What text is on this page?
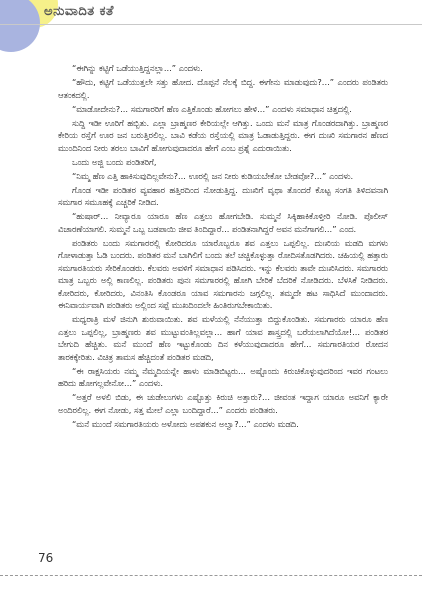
ಅನುವಾದಿತ ಕತೆ

“ಈಗಿನ್ನು ಕಟ್ಟಿಗೆ ಒಡೆಯುತ್ತಿದ್ದನಲ್ಲಾ...” ಎಂದಳು.

“ಹೌದು, ಕಟ್ಟಿಗೆ ಒಡೆಯುತ್ತಲೇ ಸತ್ತು ಹೋದ. ದೊಪ್ಪನೆ ನೆಲಕ್ಕೆ ಬಿದ್ದ. ಈಗೇನು ಮಾಡುವುದು?...” ಎಂದರು ಪಂಡಿತರು ಆತಂಕದಲ್ಲಿ.

“ಮಾಡೋದೇನು?... ಸಮಗಾರರಿಗೆ ಹೆಣ ಎತ್ತಿಕೊಂಡು ಹೋಗಲು ಹೇಳಿ...” ಎಂದಳು ಸಮಾಧಾನ ಚಿತ್ತದಲ್ಲಿ.

ಸುದ್ದಿ ಇಡೀ ಊರಿಗೆ ಹಬ್ಬಿತು. ಎಲ್ಲಾ ಬ್ರಾಹ್ಮಣರ ಕೇರಿಯಲ್ಲೇ ಆಗಿತ್ತು. ಒಂದು ಮನೆ ಮಾತ್ರ ಗೊಂಡರದಾಗಿತ್ತು. ಬ್ರಾಹ್ಮಣರ ಕೇರಿಯ ರಸ್ತೆಗೆ ಊರ ಜನ ಬರುತ್ತಿರಲಿಲ್ಲ. ಬಾವಿ ಕಡೆಯ ರಸ್ತೆಯಲ್ಲಿ ಮಾತ್ರ ಓಡಾಡುತ್ತಿದ್ದರು. ಈಗ ದುಃಖಿ ಸಮಗಾರನ ಹೆಣದ ಮುಂದಿನಿಂದ ನೀರು ತರಲು ಬಾವಿಗೆ ಹೋಗುವುದಾದರೂ ಹೇಗೆ ಎಂಬ ಪ್ರಶ್ನೆ ಎದುರಾಯಿತು.

ಒಂದು ಅಜ್ಜಿ ಬಂದು ಪಂಡಿತರಿಗೆ,

“ನಿಮ್ಮ ಹೆಣ ಎತ್ತಿ ಹಾಕಿಸುವುದಿಲ್ಲವೇನು?... ಊರಲ್ಲಿ ಜನ ನೀರು ಕುಡಿಯಬೇಕೋ ಬೇಡವೋ?...” ಎಂದಳು.

ಗೊಂಡ ಇಡೀ ಪಂಡಿತರ ವ್ಯವಹಾರ ಹತ್ತಿರದಿಂದ ನೋಡುತ್ತಿದ್ದ. ದುಃಖಿಗೆ ವೃಥಾ ತೊಂದರೆ ಕೊಟ್ಟ ಸಂಗತಿ ತಿಳಿದವನಾಗಿ ಸಮಗಾರ ಸಮೂಹಕ್ಕೆ ಎಚ್ಚರಿಕೆ ನೀಡಿದ.

“ಹುಷಾರ್... ನೀವ್ಯಾರೂ ಯಾರೂ ಹೆಣ ಎತ್ತಲು ಹೋಗಬೇಡಿ. ಸುಮ್ಮನೆ ಸಿಕ್ಕಿಹಾಕಿಕೊಳ್ತೀರಿ ನೋಡಿ. ಪೊಲೀಸ್ ವಿಚಾರಣೆಯಾಗಲಿ. ಸುಮ್ಮನೆ ಒಬ್ಬ ಬಡಪಾಯಿ ಜೀವ ತಿಂದಿದ್ದಾರೆ... ಪಂಡಿತನಾಗಿದ್ದರೆ ಅವನ ಮನೆಗಾಗಲಿ...” ಎಂದ.

ಪಂಡಿತರು ಬಂದು ಸಮಗಾರರಲ್ಲಿ ಕೋರಿದರೂ ಯಾರೊಬ್ಬರೂ ಶವ ಎತ್ತಲು ಒಪ್ಪಲಿಲ್ಲ. ದುಃಖಿಯ ಮಡದಿ ಮಗಳು ಗೋಳಾಡುತ್ತಾ ಓಡಿ ಬಂದರು. ಪಂಡಿತರ ಮನೆ ಬಾಗಿಲಿಗೆ ಬಂದು ತಲೆ ಚಚ್ಚಿಕೊಳ್ಳುತ್ತಾ ರೋದಿಸತೊಡಗಿದರು. ಚಹಿಯಲ್ಲಿ ಹತ್ತಾರು ಸಮಗಾರತಿಯರು ಸೇರಿಕೊಂಡರು. ಕೆಲವರು ಅವಳಿಗೆ ಸಮಾಧಾನ ಪಡಿಸಿದರು. ಇನ್ನು ಕೆಲವರು ತಾವೇ ದುಃಖಿಸಿದರು. ಸಮಗಾರರು ಮಾತ್ರ ಒಬ್ಬರು ಅಲ್ಲಿ ಕಾಣಲಿಲ್ಲ. ಪಂಡಿತರು ಪುನಃ ಸಮಗಾರರಲ್ಲಿ ಹೋಗಿ ಬೇರಿಕೆ ಬೆದರಿಕೆ ನೋಡಿದರು. ಬೆಳಸಿಕೆ ನೀಡಿದರು. ಕೋರಿದರು, ಕೋರಿದರು, ವಿನಂತಿಸಿ ಕೊಂಡರೂ ಯಾವ ಸಮಗಾರನು ಜಗ್ಗಲಿಲ್ಲ. ತಮ್ಮದೇ ಹಟ ಸಾಧಿಸಿದೆ ಮುಂದಾದರು. ಈನಿವಾರ್ಯವಾಗಿ ಪಂಡಿತರು ಅಲ್ಲಿಂದ ಸಪ್ಪೆ ಮುಖದಿಂದಲೇ ಹಿಂತಿರುಗಬೇಕಾಯಿತು.

ಮಧ್ಯರಾತ್ರಿ ಮಳೆ ಜಿನುಗಿ ಶುರುವಾಯಿತು. ಶವ ಮಳೆಯಲ್ಲಿ ನೆನೆಯುತ್ತಾ ಬಿದ್ದುಕೊಂಡಿತು. ಸಮಗಾರರು ಯಾರೂ ಹೆಣ ಎತ್ತಲು ಒಪ್ಪಲಿಲ್ಲ, ಬ್ರಾಹ್ಮಣರು ಶವ ಮುಟ್ಟುವಂತಿಲ್ಲವಲ್ಲಾ... ಹಾಗೆ ಯಾವ ಶಾಸ್ತ್ರದಲ್ಲಿ ಬರೆಯಲಾಗಿದೆಯೋ!... ಪಂಡಿತರ ಬೇಗುದಿ ಹೆಚ್ಚಿತು. ಮನೆ ಮುಂದೆ ಹೆಣ ಇಟ್ಟುಕೊಂಡು ದಿನ ಕಳೆಯುವುದಾದರೂ ಹೇಗೆ... ಸಮಗಾರತಿಯರ ರೋದನ ತಾರಕಕ್ಕೇರಿತು. ವಿಚಿತ್ರ ತಾಮಸ ಹೆಚ್ಚಿದಂತೆ ಪಂಡಿತರ ಮಡದಿ,

“ಈ ರಾಕ್ಷಸಿಯರು ನಮ್ಮ ನೆಮ್ಮದಿಯನ್ನೇ ಹಾಳು ಮಾಡಿಬಿಟ್ಟರು... ಅಷ್ಟೊಂದು ಕಿರುಚಿಕೊಳ್ಳುವುದರಿಂದ ಇವರ ಗಂಟಲು ಹರಿದು ಹೋಗಲ್ಲವೇನೋ...” ಎಂದಳು.

“ಅತ್ತರೆ ಅಳಲಿ ಬಿಡು, ಈ ಚುಡೇಲುಗಳು ಎಷ್ಟೊತ್ತು ಕಿರುಚಿ ಅತ್ತಾರು?... ಜೀವಂತ ಇದ್ದಾಗ ಯಾರೂ ಅವನಿಗೆ ಕ್ಯಾರೇ ಅಂದಿರಲಿಲ್ಲ. ಈಗ ನೋಡು, ಸತ್ತ ಮೇಲೆ ಎಲ್ಲಾ ಬಂದಿದ್ದಾರೆ...” ಎಂದರು ಪಂಡಿತರು.

“ಮನೆ ಮುಂದೆ ಸಮಗಾರತಿಯರು ಅಳೋದು ಅಪಶಕುನ ಅಲ್ವಾ?...” ಎಂದಳು ಮಡದಿ.

76
